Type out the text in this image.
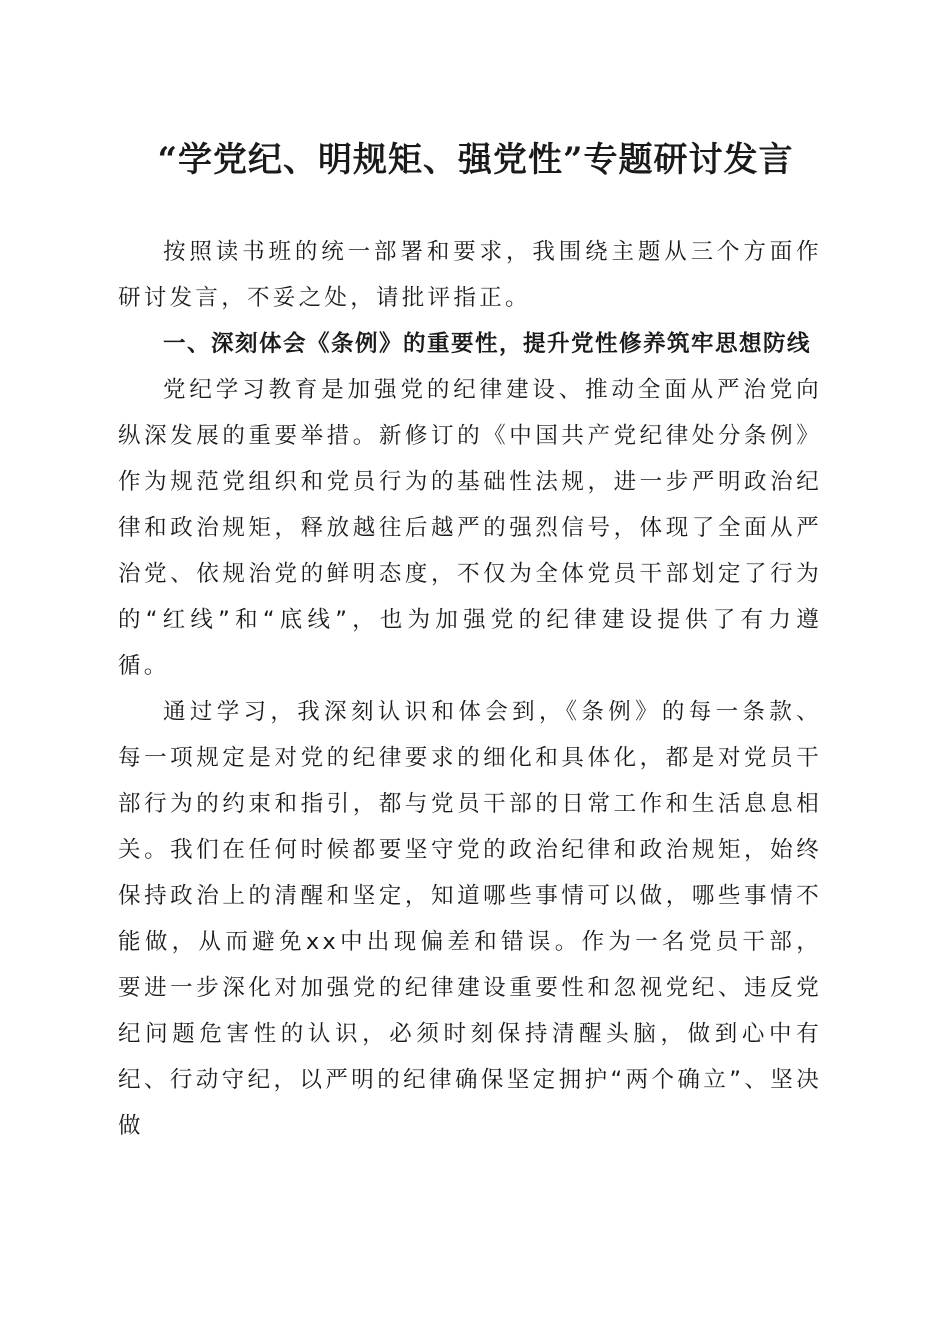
“学党纪、明规矩、强党性”专题研讨发言

按照读书班的统一部署和要求，我围绕主题从三个方面作研讨发言，不妥之处，请批评指正。

一、深刻体会《条例》的重要性，提升党性修养筑牢思想防线

党纪学习教育是加强党的纪律建设、推动全面从严治党向纵深发展的重要举措。新修订的《中国共产党纪律处分条例》作为规范党组织和党员行为的基础性法规，进一步严明政治纪律和政治规矩，释放越往后越严的强烈信号，体现了全面从严治党、依规治党的鲜明态度，不仅为全体党员干部划定了行为的“红线”和“底线”，也为加强党的纪律建设提供了有力遵循。

通过学习，我深刻认识和体会到，《条例》的每一条款、每一项规定是对党的纪律要求的细化和具体化，都是对党员干部行为的约束和指引，都与党员干部的日常工作和生活息息相关。我们在任何时候都要坚守党的政治纪律和政治规矩，始终保持政治上的清醒和坚定，知道哪些事情可以做，哪些事情不能做，从而避免xx中出现偏差和错误。作为一名党员干部，要进一步深化对加强党的纪律建设重要性和忽视党纪、违反党纪问题危害性的认识，必须时刻保持清醒头脑，做到心中有纪、行动守纪，以严明的纪律确保坚定拥护“两个确立”、坚决做
